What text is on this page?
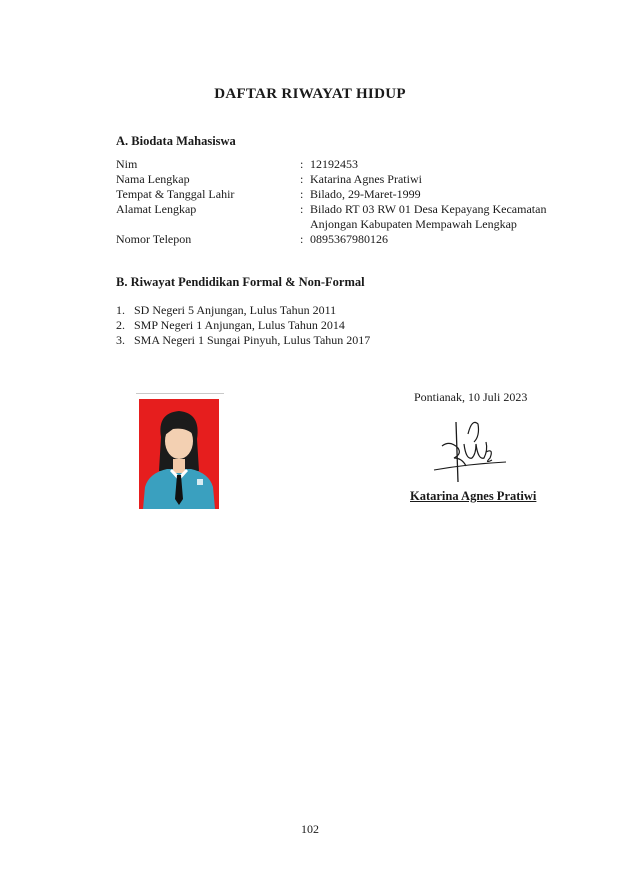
DAFTAR RIWAYAT HIDUP
A. Biodata Mahasiswa
Nim	: 12192453
Nama Lengkap	: Katarina Agnes Pratiwi
Tempat & Tanggal Lahir	: Bilado, 29-Maret-1999
Alamat Lengkap	: Bilado RT 03 RW 01 Desa Kepayang Kecamatan Anjongan Kabupaten Mempawah Lengkap
Nomor Telepon	: 0895367980126
B. Riwayat Pendidikan Formal & Non-Formal
1. SD Negeri 5 Anjungan, Lulus Tahun 2011
2. SMP Negeri 1 Anjungan, Lulus Tahun 2014
3. SMA Negeri 1 Sungai Pinyuh, Lulus Tahun 2017
Pontianak, 10 Juli 2023
Katarina Agnes Pratiwi
102
